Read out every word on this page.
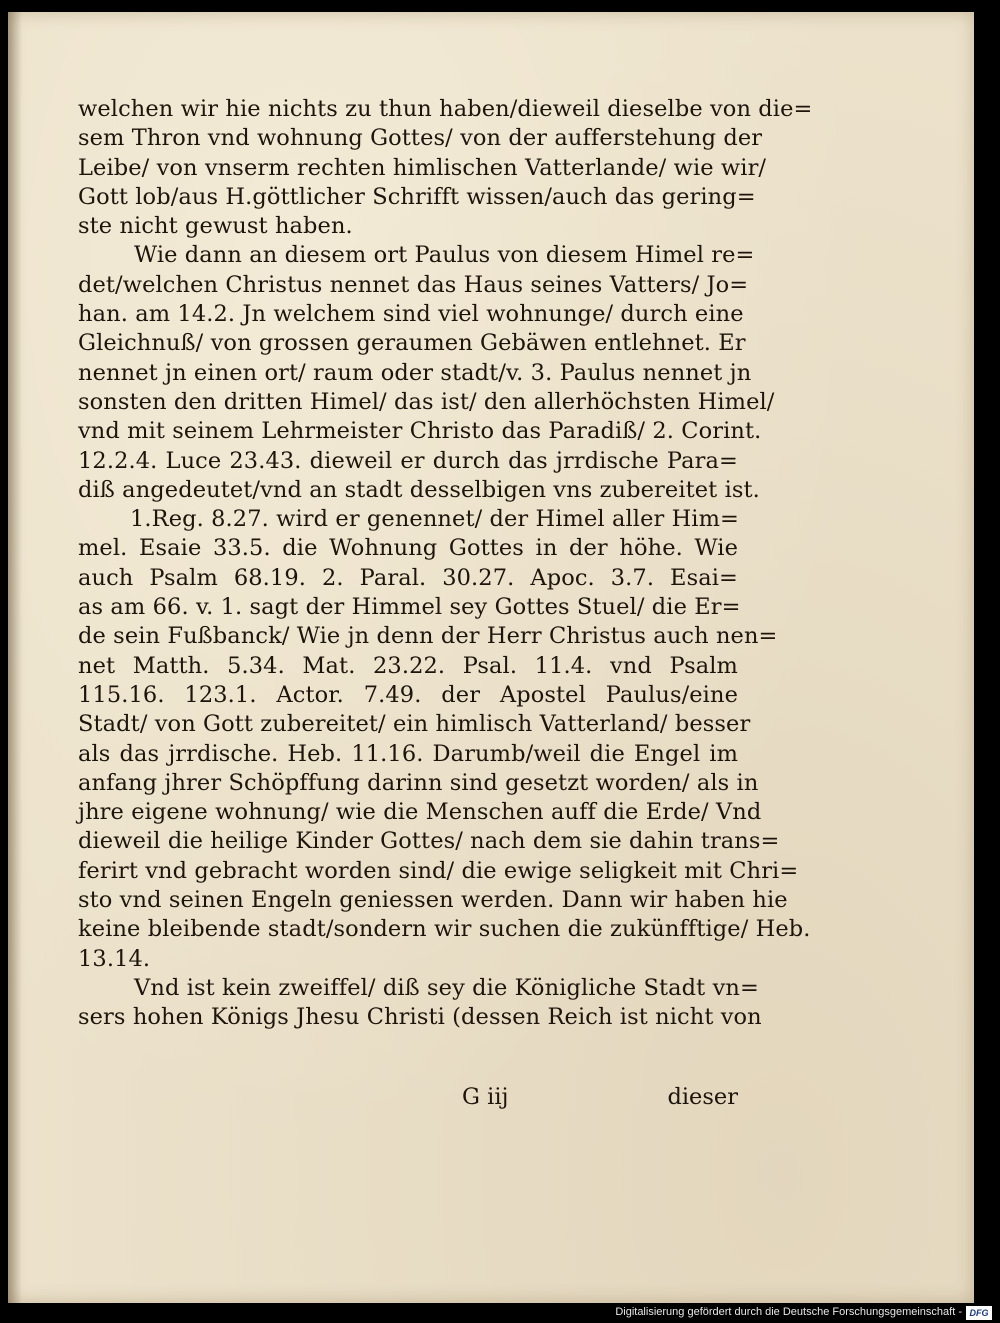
welchen wir hie nichts zu thun haben/dieweil dieselbe von die=
sem Thron vnd wohnung Gottes/ von der aufferstehung der
Leibe/ von vnserm rechten himlischen Vatterlande/ wie wir/
Gott lob/aus H.göttlicher Schrifft wissen/auch das gering=
ste nicht gewust haben.
Wie dann an diesem ort Paulus von diesem Himel re=
det/welchen Christus nennet das Haus seines Vatters/ Jo=
han. am 14.2. Jn welchem sind viel wohnunge/ durch eine
Gleichnuß/ von grossen geraumen Gebäwen entlehnet. Er
nennet jn einen ort/ raum oder stadt/v. 3. Paulus nennet jn
sonsten den dritten Himel/ das ist/ den allerhöchsten Himel/
vnd mit seinem Lehrmeister Christo das Paradiß/ 2. Corint.
12.2.4. Luce 23.43. dieweil er durch das jrrdische Para=
diß angedeutet/vnd an stadt desselbigen vns zubereitet ist.
1.Reg. 8.27. wird er genennet/ der Himel aller Him=
mel. Esaie 33.5. die Wohnung Gottes in der höhe. Wie
auch Psalm 68.19. 2. Paral. 30.27. Apoc. 3.7. Esai=
as am 66. v. 1. sagt der Himmel sey Gottes Stuel/ die Er=
de sein Fußbanck/ Wie jn denn der Herr Christus auch nen=
net Matth. 5.34. Mat. 23.22. Psal. 11.4. vnd Psalm
115.16. 123.1. Actor. 7.49. der Apostel Paulus/eine
Stadt/ von Gott zubereitet/ ein himlisch Vatterland/ besser
als das jrrdische. Heb. 11.16. Darumb/weil die Engel im
anfang jhrer Schöpffung darinn sind gesetzt worden/ als in
jhre eigene wohnung/ wie die Menschen auff die Erde/ Vnd
dieweil die heilige Kinder Gottes/ nach dem sie dahin trans=
ferirt vnd gebracht worden sind/ die ewige seligkeit mit Chri=
sto vnd seinen Engeln geniessen werden. Dann wir haben hie
keine bleibende stadt/sondern wir suchen die zukünfftige/ Heb.
13.14.
Vnd ist kein zweiffel/ diß sey die Königliche Stadt vn=
sers hohen Königs Jhesu Christi (dessen Reich ist nicht von
G iij	dieser
Digitalisierung gefördert durch die Deutsche Forschungsgemeinschaft - DFG
